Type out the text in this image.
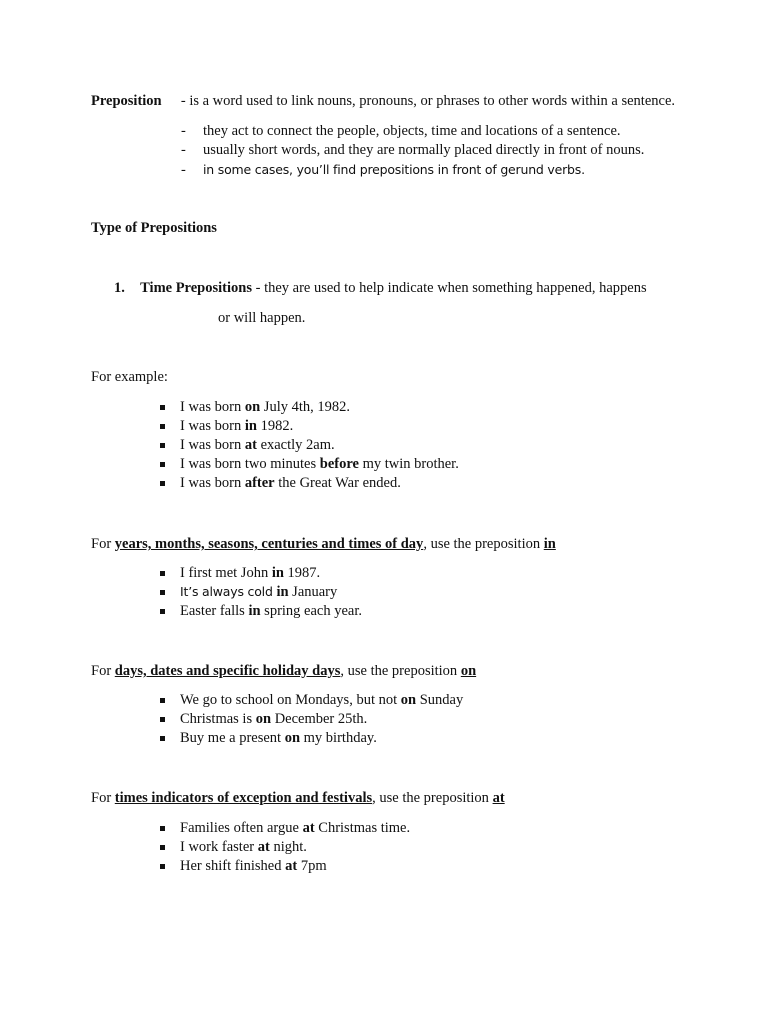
Preposition - is a word used to link nouns, pronouns, or phrases to other words within a sentence.
- they act to connect the people, objects, time and locations of a sentence.
- usually short words, and they are normally placed directly in front of nouns.
- in some cases, you’ll find prepositions in front of gerund verbs.
Type of Prepositions
1. Time Prepositions - they are used to help indicate when something happened, happens
or will happen.
For example:
I was born on July 4th, 1982.
I was born in 1982.
I was born at exactly 2am.
I was born two minutes before my twin brother.
I was born after the Great War ended.
For years, months, seasons, centuries and times of day, use the preposition in
I first met John in 1987.
It’s always cold in January
Easter falls in spring each year.
For days, dates and specific holiday days, use the preposition on
We go to school on Mondays, but not on Sunday
Christmas is on December 25th.
Buy me a present on my birthday.
For times indicators of exception and festivals, use the preposition at
Families often argue at Christmas time.
I work faster at night.
Her shift finished at 7pm
